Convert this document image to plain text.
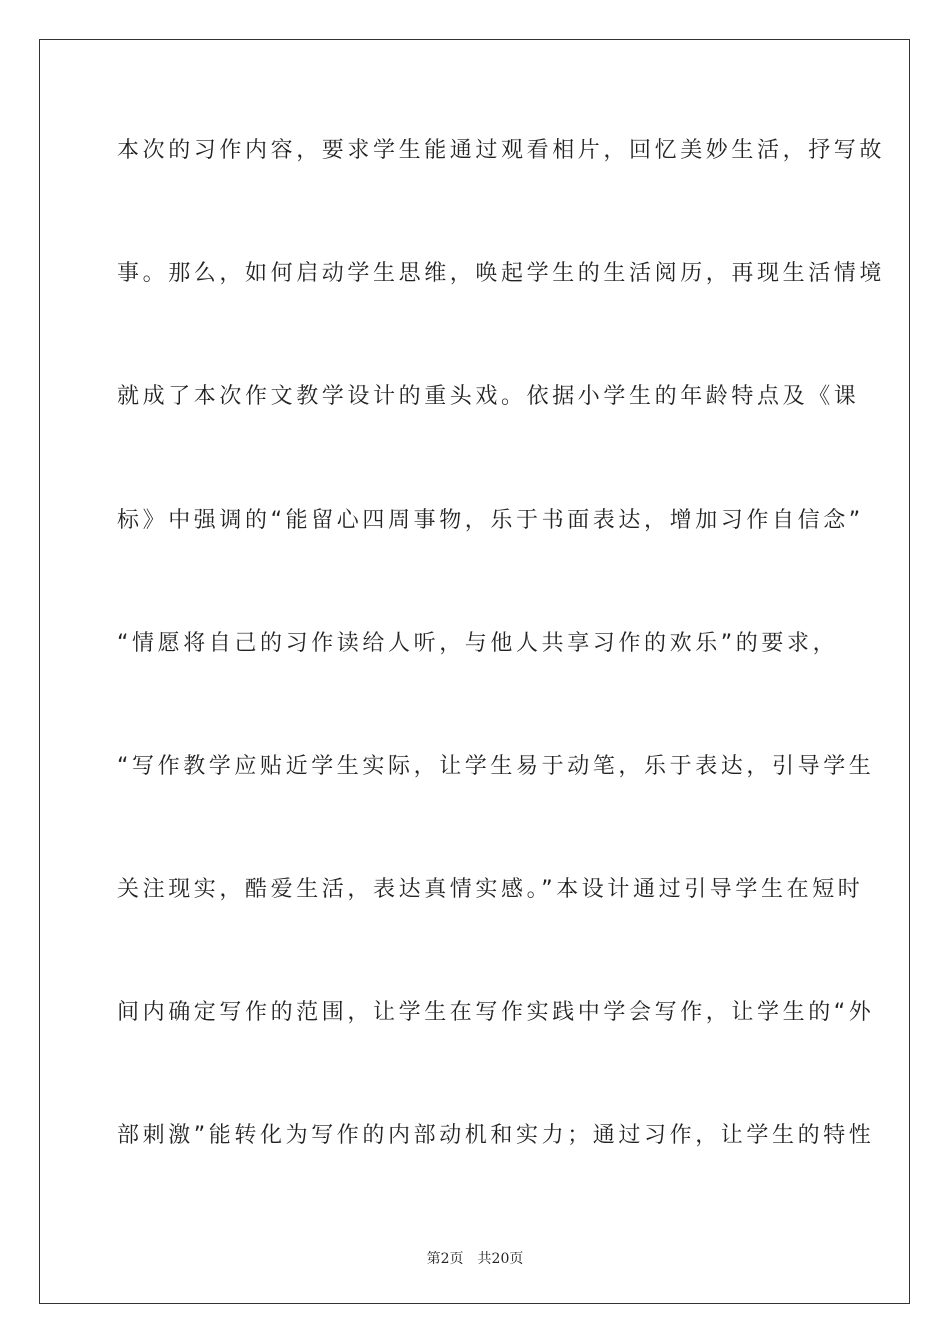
本次的习作内容，要求学生能通过观看相片，回忆美妙生活，抒写故
事。那么，如何启动学生思维，唤起学生的生活阅历，再现生活情境
就成了本次作文教学设计的重头戏。依据小学生的年龄特点及《课
标》中强调的“能留心四周事物，乐于书面表达，增加习作自信念”
“情愿将自己的习作读给人听，与他人共享习作的欢乐”的要求，
“写作教学应贴近学生实际，让学生易于动笔，乐于表达，引导学生
关注现实，酷爱生活，表达真情实感。”本设计通过引导学生在短时
间内确定写作的范围，让学生在写作实践中学会写作，让学生的“外
部刺激”能转化为写作的内部动机和实力；通过习作，让学生的特性
第2页 共20页
